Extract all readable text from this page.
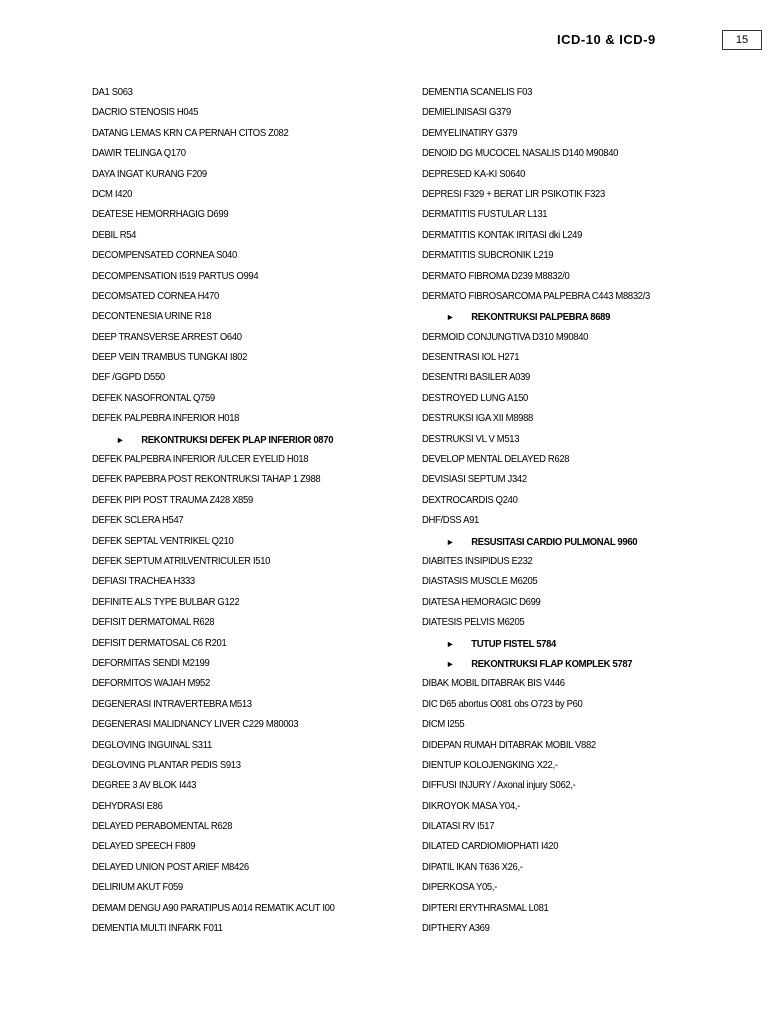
ICD-10 & ICD-9	15
DA1 S063
DACRIO STENOSIS H045
DATANG LEMAS KRN CA PERNAH CITOS Z082
DAWIR TELINGA Q170
DAYA INGAT KURANG F209
DCM I420
DEATESE HEMORRHAGIG D699
DEBIL R54
DECOMPENSATED CORNEA S040
DECOMPENSATION I519 PARTUS O994
DECOMSATED CORNEA H470
DECONTENESIA URINE R18
DEEP TRANSVERSE ARREST O640
DEEP VEIN TRAMBUS TUNGKAI I802
DEF /GGPD D550
DEFEK NASOFRONTAL Q759
DEFEK PALPEBRA INFERIOR H018
► REKONTRUKSI DEFEK PLAP INFERIOR 0870
DEFEK PALPEBRA INFERIOR /ULCER EYELID H018
DEFEK PAPEBRA POST REKONTRUKSI TAHAP 1 Z988
DEFEK PIPI POST TRAUMA Z428 X859
DEFEK SCLERA H547
DEFEK SEPTAL VENTRIKEL Q210
DEFEK SEPTUM ATRILVENTRICULER I510
DEFIASI TRACHEA H333
DEFINITE ALS TYPE BULBAR G122
DEFISIT DERMATOMAL R628
DEFISIT DERMATOSAL C6 R201
DEFORMITAS SENDI M2199
DEFORMITOS WAJAH M952
DEGENERASI INTRAVERTEBRA M513
DEGENERASI MALIDNANCY LIVER C229 M80003
DEGLOVING INGUINAL S311
DEGLOVING PLANTAR PEDIS S913
DEGREE 3 AV BLOK I443
DEHYDRASI E86
DELAYED PERABOMENTAL R628
DELAYED SPEECH F809
DELAYED UNION POST ARIEF M8426
DELIRIUM AKUT F059
DEMAM DENGU A90 PARATIPUS A014 REMATIK ACUT I00
DEMENTIA MULTI INFARK F011
DEMENTIA SCANELIS F03
DEMIELINISASI G379
DEMYELINATIRY G379
DENOID DG MUCOCEL NASALIS D140 M90840
DEPRESED KA-KI S0640
DEPRESI F329 + BERAT LIR PSIKOTIK F323
DERMATITIS FUSTULAR L131
DERMATITIS KONTAK IRITASI dki L249
DERMATITIS SUBCRONIK L219
DERMATO FIBROMA D239 M8832/0
DERMATO FIBROSARCOMA PALPEBRA C443 M8832/3
► REKONTRUKSI PALPEBRA 8689
DERMOID CONJUNGTIVA D310 M90840
DESENTRASI IOL H271
DESENTRI BASILER A039
DESTROYED LUNG A150
DESTRUKSI IGA XII M8988
DESTRUKSI VL V M513
DEVELOP MENTAL DELAYED R628
DEVISIASI SEPTUM J342
DEXTROCARDIS Q240
DHF/DSS A91
► RESUSITASI CARDIO PULMONAL 9960
DIABITES INSIPIDUS E232
DIASTASIS MUSCLE M6205
DIATESA HEMORAGIC D699
DIATESIS PELVIS M6205
► TUTUP FISTEL 5784
► REKONTRUKSI FLAP KOMPLEK 5787
DIBAK MOBIL DITABRAK BIS V446
DIC D65 abortus O081 obs O723 by P60
DICM I255
DIDEPAN RUMAH DITABRAK MOBIL V882
DIENTUP KOLOJENGKING X22,-
DIFFUSI INJURY / Axonal injury S062,-
DIKROYOK MASA Y04,-
DILATASI RV I517
DILATED CARDIOMIOPHATI I420
DIPATIL IKAN T636 X26,-
DIPERKOSA Y05,-
DIPTERI ERYTHRASMAL L081
DIPTHERY A369
